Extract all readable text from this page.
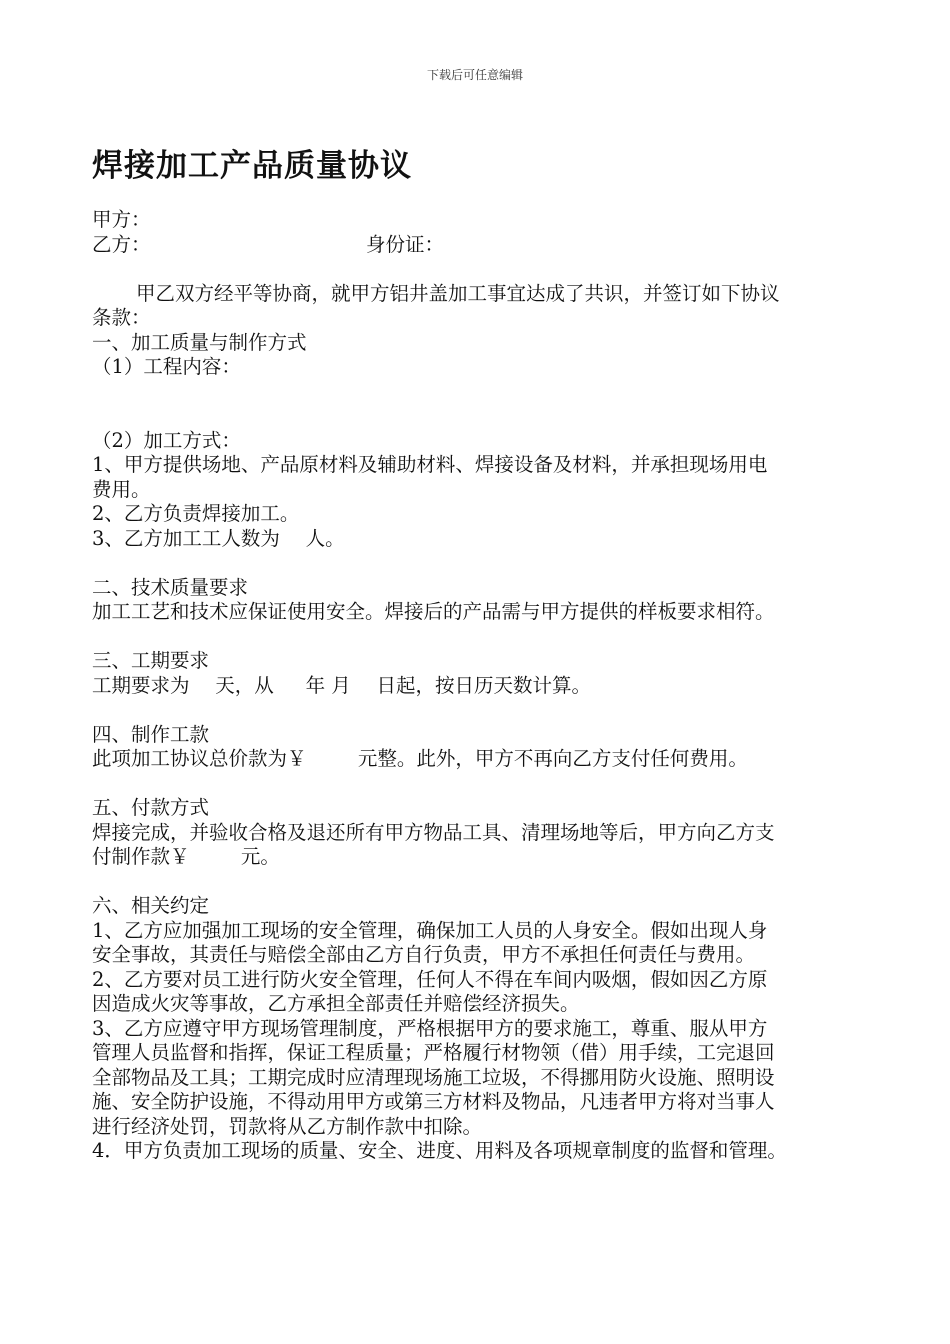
下载后可任意编辑
焊接加工产品质量协议
甲方：
乙方：	身份证：
甲乙双方经平等协商，就甲方铝井盖加工事宜达成了共识，并签订如下协议
条款：
一、加工质量与制作方式
（1）工程内容：
（2）加工方式：
1、甲方提供场地、产品原材料及辅助材料、焊接设备及材料，并承担现场用电
费用。
2、乙方负责焊接加工。
3、乙方加工工人数为 　人。
二、技术质量要求
加工工艺和技术应保证使用安全。焊接后的产品需与甲方提供的样板要求相符。
三、工期要求
工期要求为 　天，从 　 年 月 　日起，按日历天数计算。
四、制作工款
此项加工协议总价款为￥ 　　 元整。此外，甲方不再向乙方支付任何费用。
五、付款方式
焊接完成，并验收合格及退还所有甲方物品工具、清理场地等后，甲方向乙方支
付制作款￥ 　　 元。
六、相关约定
1、乙方应加强加工现场的安全管理，确保加工人员的人身安全。假如出现人身
安全事故，其责任与赔偿全部由乙方自行负责，甲方不承担任何责任与费用。
2、乙方要对员工进行防火安全管理，任何人不得在车间内吸烟，假如因乙方原
因造成火灾等事故，乙方承担全部责任并赔偿经济损失。
3、乙方应遵守甲方现场管理制度，严格根据甲方的要求施工，尊重、服从甲方
管理人员监督和指挥，保证工程质量；严格履行材物领（借）用手续，工完退回
全部物品及工具；工期完成时应清理现场施工垃圾，不得挪用防火设施、照明设
施、安全防护设施，不得动用甲方或第三方材料及物品，凡违者甲方将对当事人
进行经济处罚，罚款将从乙方制作款中扣除。
4．甲方负责加工现场的质量、安全、进度、用料及各项规章制度的监督和管理。
